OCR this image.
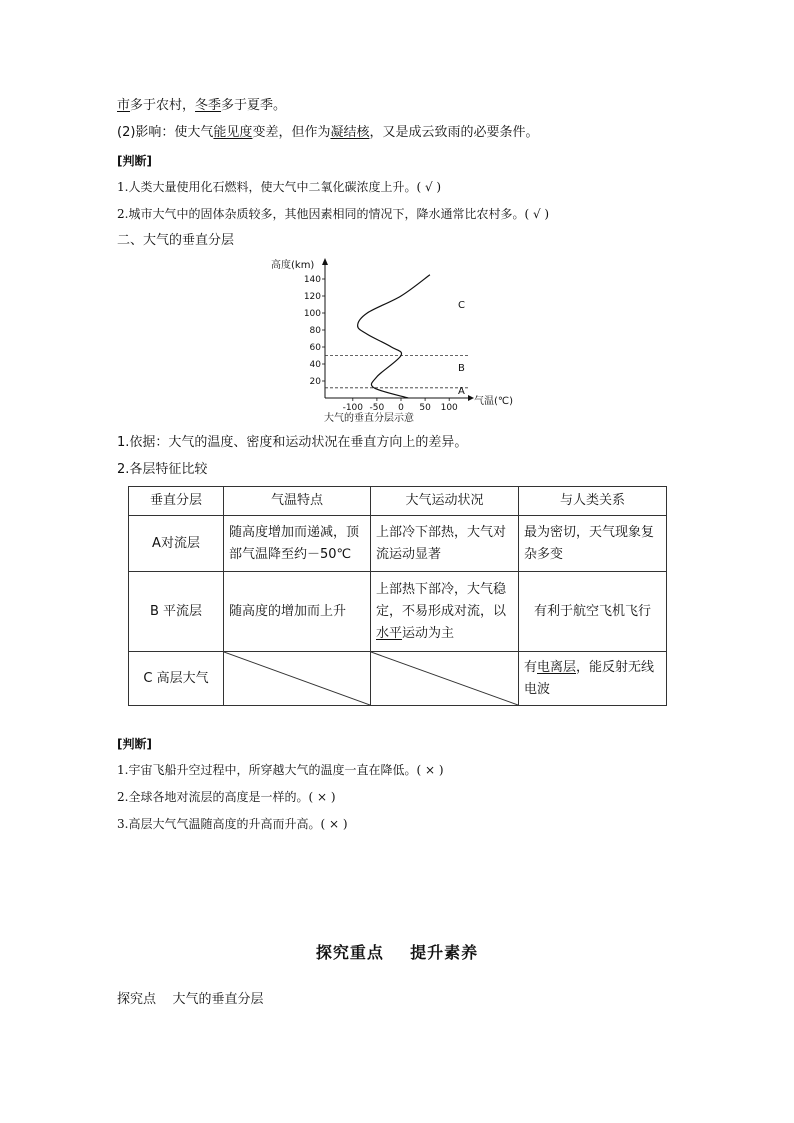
市多于农村，冬季多于夏季。
(2)影响：使大气能见度变差，但作为凝结核，又是成云致雨的必要条件。
[判断]
1.人类大量使用化石燃料，使大气中二氧化碳浓度上升。( √ )
2.城市大气中的固体杂质较多，其他因素相同的情况下，降水通常比农村多。( √ )
二、大气的垂直分层
20
40
60
80
100
120
140
-100 -50 0 50 100
A
B
C
高度(km)
气温(℃)
大气的垂直分层示意
1.依据：大气的温度、密度和运动状况在垂直方向上的差异。
2.各层特征比较
垂直分层	气温特点	大气运动状况	与人类关系
A对流层	随高度增加而递减，顶部气温降至约－50℃	上部冷下部热，大气对流运动显著	最为密切，天气现象复杂多变
B 平流层	随高度的增加而上升	上部热下部冷，大气稳定，不易形成对流，以水平运动为主	有利于航空飞机飞行
C 高层大气			有电离层，能反射无线电波
[判断]
1.宇宙飞船升空过程中，所穿越大气的温度一直在降低。( × )
2.全球各地对流层的高度是一样的。( × )
3.高层大气气温随高度的升高而升高。( × )
探究重点    提升素养
探究点    大气的垂直分层
